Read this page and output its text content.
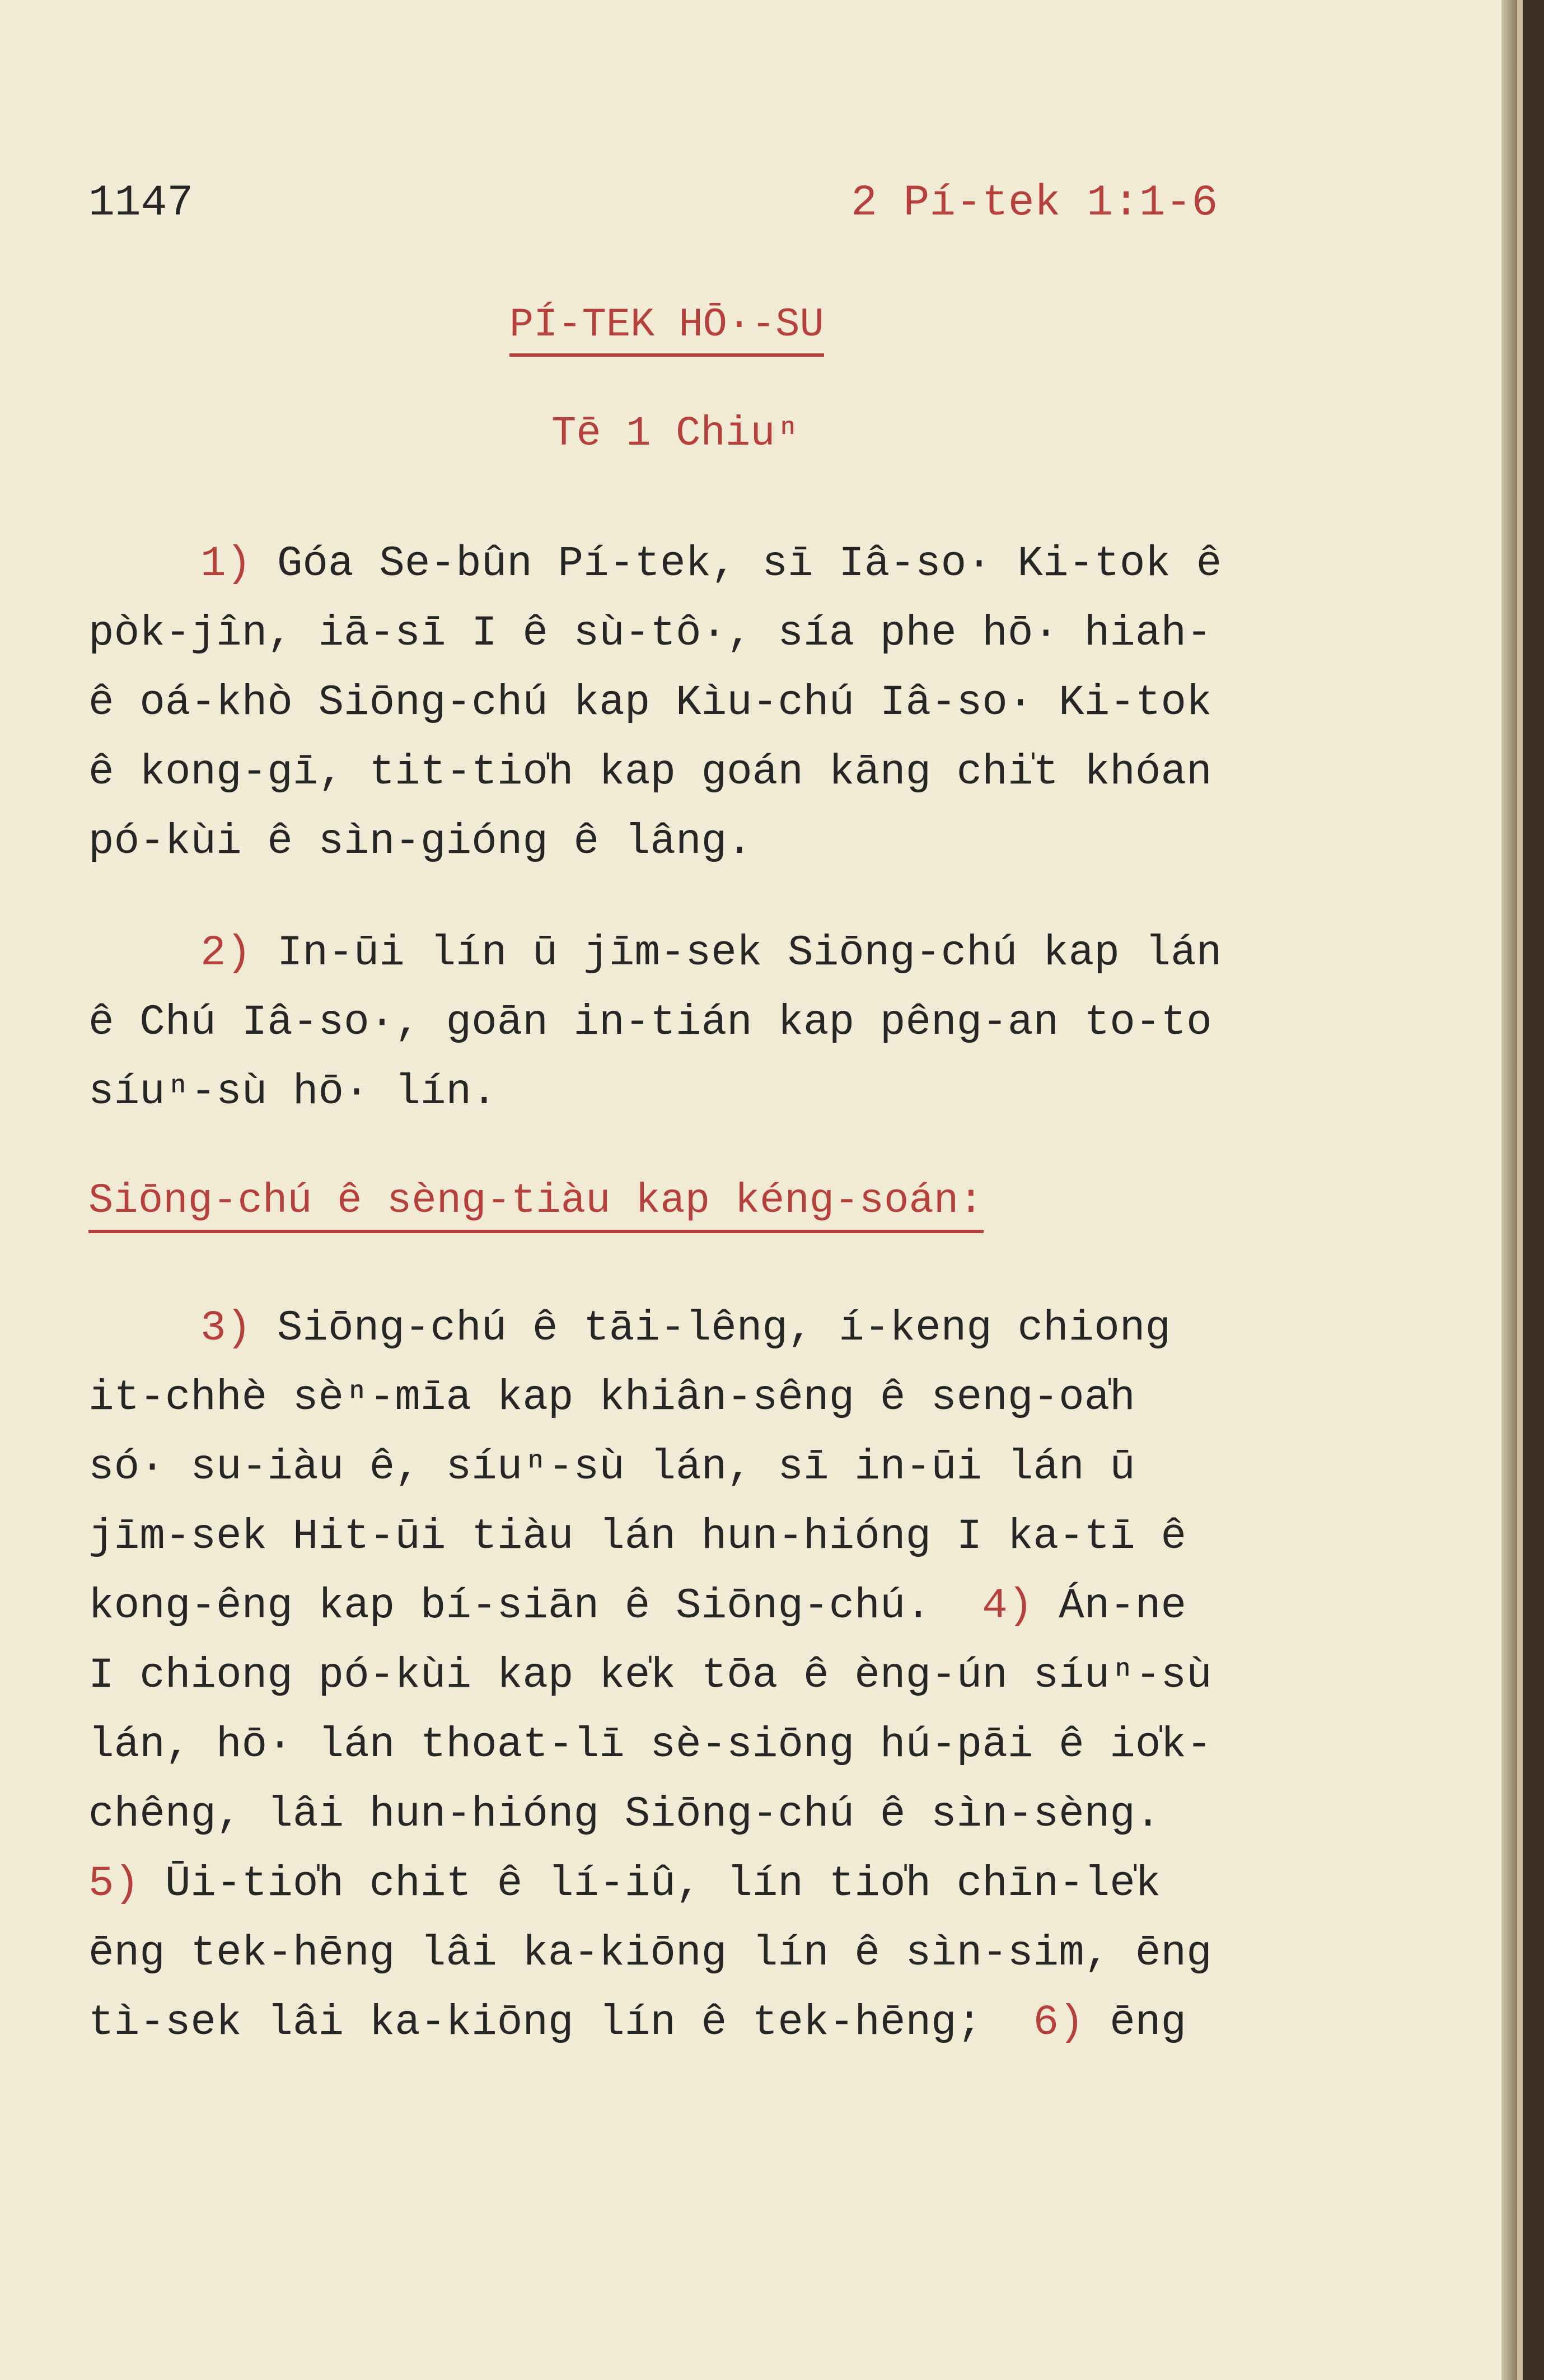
1147	2 Pí-tek 1:1-6
PÍ-TEK HŌ·-SU
Tē 1 Chiuⁿ
1) Góa Se-bûn Pí-tek, sī Iâ-so· Ki-tok ê
pòk-jîn, iā-sī I ê sù-tô·, sía phe hō· hiah-
ê oá-khò Siōng-chú kap Kìu-chú Iâ-so· Ki-tok
ê kong-gī, tit-tio̍h kap goán kāng chi̍t khóan
pó-kùi ê sìn-gióng ê lâng.
2) In-ūi lín ū jīm-sek Siōng-chú kap lán
ê Chú Iâ-so·, goān in-tián kap pêng-an to-to
síuⁿ-sù hō· lín.
Siōng-chú ê sèng-tiàu kap kéng-soán:
3) Siōng-chú ê tāi-lêng, í-keng chiong
it-chhè sèⁿ-mīa kap khiân-sêng ê seng-oa̍h
só· su-iàu ê, síuⁿ-sù lán, sī in-ūi lán ū
jīm-sek Hit-ūi tiàu lán hun-hióng I ka-tī ê
kong-êng kap bí-siān ê Siōng-chú.  4) Án-ne
I chiong pó-kùi kap ke̍k tōa ê èng-ún síuⁿ-sù
lán, hō· lán thoat-lī sè-siōng hú-pāi ê io̍k-
chêng, lâi hun-hióng Siōng-chú ê sìn-sèng.
5) Ūi-tio̍h chit ê lí-iû, lín tio̍h chīn-le̍k
ēng tek-hēng lâi ka-kiōng lín ê sìn-sim, ēng
tì-sek lâi ka-kiōng lín ê tek-hēng;  6) ēng
